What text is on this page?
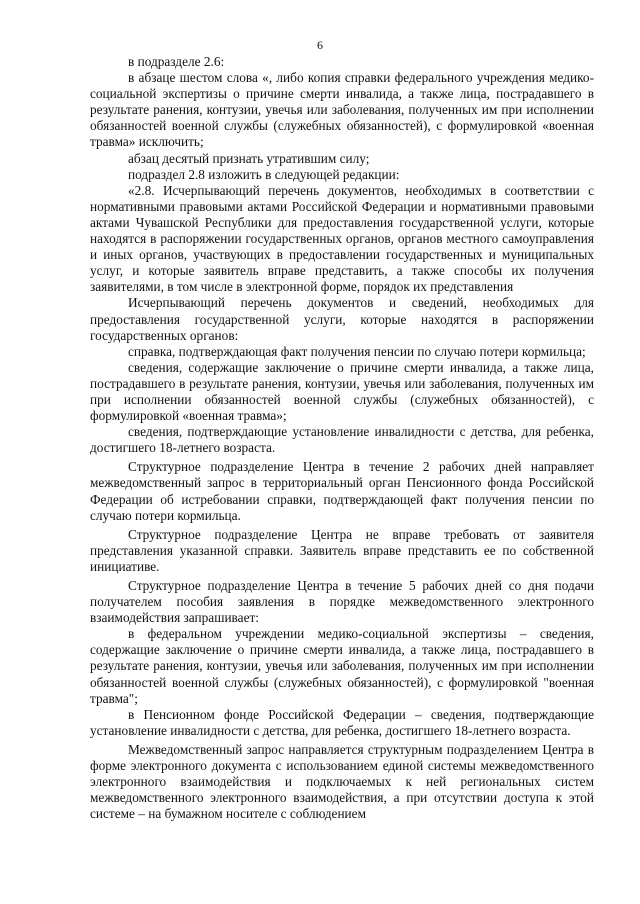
6

в подразделе 2.6:

в абзаце шестом слова «, либо копия справки федерального учреждения медико-социальной экспертизы о причине смерти инвалида, а также лица, пострадавшего в результате ранения, контузии, увечья или заболевания, полученных им при исполнении обязанностей военной службы (служебных обязанностей), с формулировкой «военная травма» исключить;

абзац десятый признать утратившим силу;

подраздел 2.8 изложить в следующей редакции:

«2.8. Исчерпывающий перечень документов, необходимых в соответствии с нормативными правовыми актами Российской Федерации и нормативными правовыми актами Чувашской Республики для предоставления государственной услуги, которые находятся в распоряжении государственных органов, органов местного самоуправления и иных органов, участвующих в предоставлении государственных и муниципальных услуг, и которые заявитель вправе представить, а также способы их получения заявителями, в том числе в электронной форме, порядок их представления

Исчерпывающий перечень документов и сведений, необходимых для предоставления государственной услуги, которые находятся в распоряжении государственных органов:

справка, подтверждающая факт получения пенсии по случаю потери кормильца;

сведения, содержащие заключение о причине смерти инвалида, а также лица, пострадавшего в результате ранения, контузии, увечья или заболевания, полученных им при исполнении обязанностей военной службы (служебных обязанностей), с формулировкой «военная травма»;

сведения, подтверждающие установление инвалидности с детства, для ребенка, достигшего 18-летнего возраста.

Структурное подразделение Центра в течение 2 рабочих дней направляет межведомственный запрос в территориальный орган Пенсионного фонда Российской Федерации об истребовании справки, подтверждающей факт получения пенсии по случаю потери кормильца.

Структурное подразделение Центра не вправе требовать от заявителя представления указанной справки. Заявитель вправе представить ее по собственной инициативе.

Структурное подразделение Центра в течение 5 рабочих дней со дня подачи получателем пособия заявления в порядке межведомственного электронного взаимодействия запрашивает:

в федеральном учреждении медико-социальной экспертизы – сведения, содержащие заключение о причине смерти инвалида, а также лица, пострадавшего в результате ранения, контузии, увечья или заболевания, полученных им при исполнении обязанностей военной службы (служебных обязанностей), с формулировкой "военная травма";

в Пенсионном фонде Российской Федерации – сведения, подтверждающие установление инвалидности с детства, для ребенка, достигшего 18-летнего возраста.

Межведомственный запрос направляется структурным подразделением Центра в форме электронного документа с использованием единой системы межведомственного электронного взаимодействия и подключаемых к ней региональных систем межведомственного электронного взаимодействия, а при отсутствии доступа к этой системе – на бумажном носителе с соблюдением
